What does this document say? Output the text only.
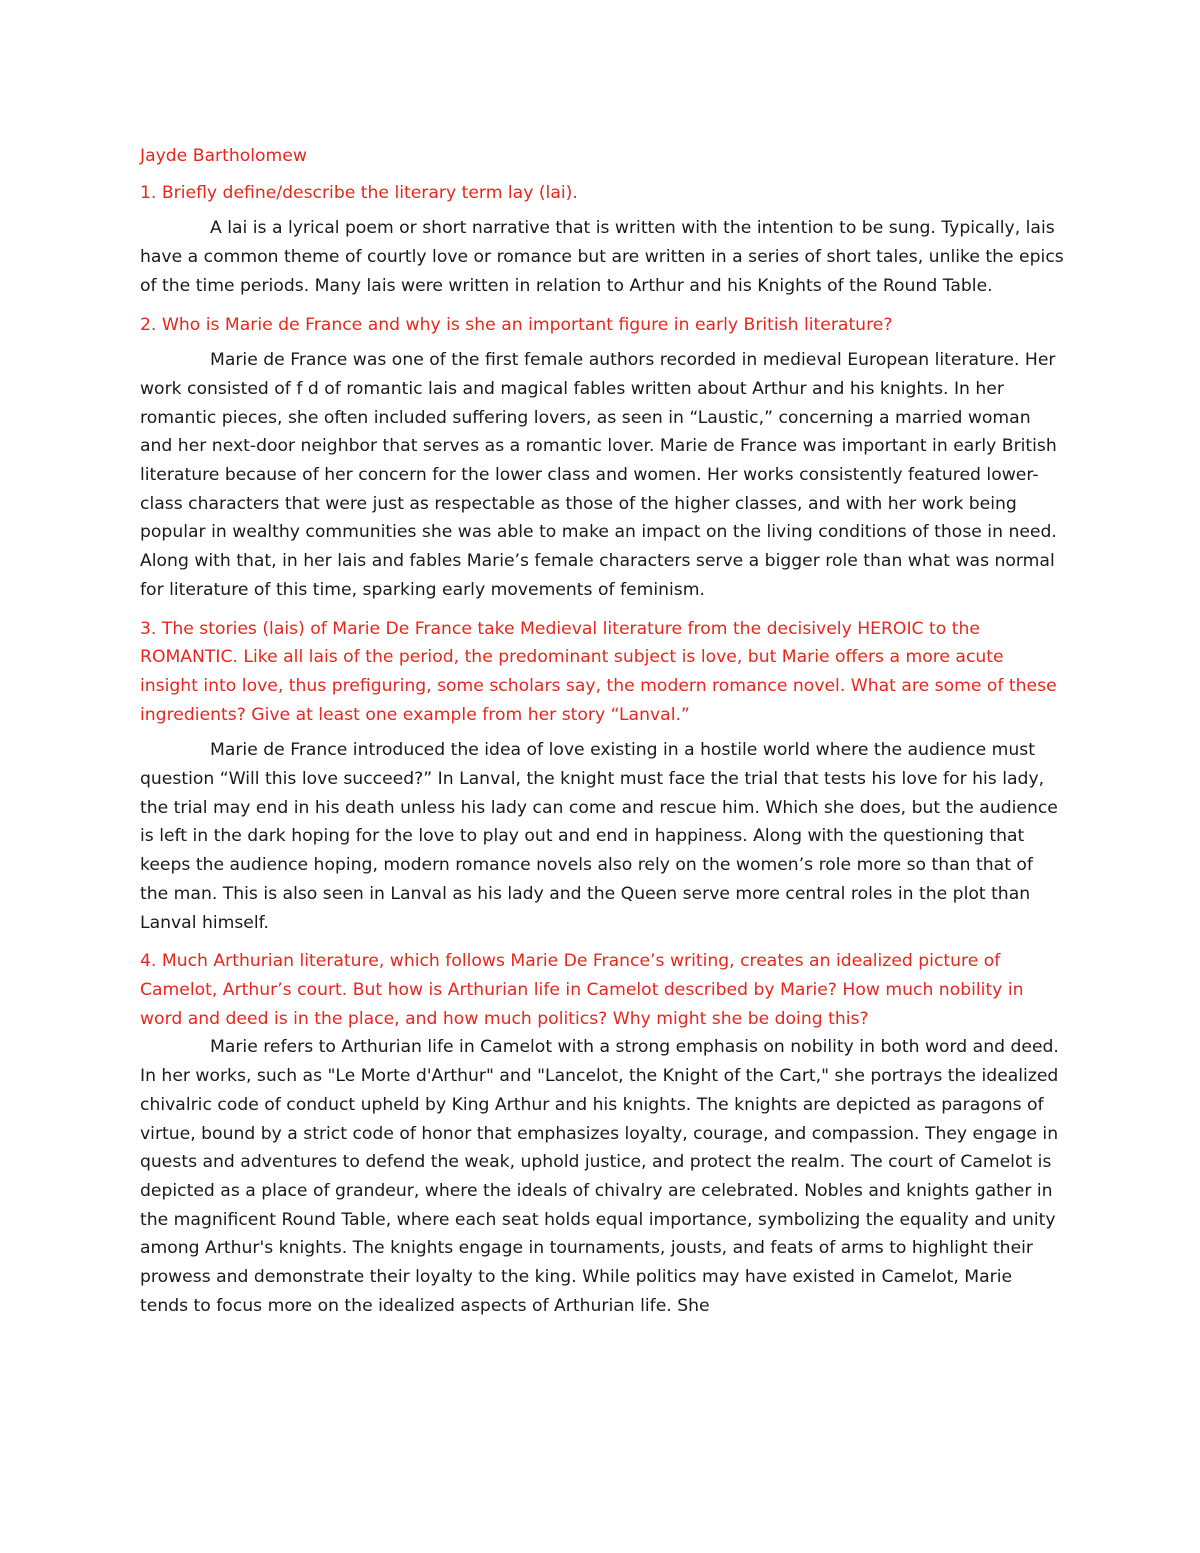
Jayde Bartholomew

1. Briefly define/describe the literary term lay (lai).

A lai is a lyrical poem or short narrative that is written with the intention to be sung. Typically, lais have a common theme of courtly love or romance but are written in a series of short tales, unlike the epics of the time periods. Many lais were written in relation to Arthur and his Knights of the Round Table.

2. Who is Marie de France and why is she an important figure in early British literature?

Marie de France was one of the first female authors recorded in medieval European literature. Her work consisted of f d of romantic lais and magical fables written about Arthur and his knights. In her romantic pieces, she often included suffering lovers, as seen in “Laustic,” concerning a married woman and her next-door neighbor that serves as a romantic lover. Marie de France was important in early British literature because of her concern for the lower class and women. Her works consistently featured lower-class characters that were just as respectable as those of the higher classes, and with her work being popular in wealthy communities she was able to make an impact on the living conditions of those in need. Along with that, in her lais and fables Marie’s female characters serve a bigger role than what was normal for literature of this time, sparking early movements of feminism.

3. The stories (lais) of Marie De France take Medieval literature from the decisively HEROIC to the ROMANTIC. Like all lais of the period, the predominant subject is love, but Marie offers a more acute insight into love, thus prefiguring, some scholars say, the modern romance novel. What are some of these ingredients? Give at least one example from her story “Lanval.”

Marie de France introduced the idea of love existing in a hostile world where the audience must question “Will this love succeed?” In Lanval, the knight must face the trial that tests his love for his lady, the trial may end in his death unless his lady can come and rescue him. Which she does, but the audience is left in the dark hoping for the love to play out and end in happiness. Along with the questioning that keeps the audience hoping, modern romance novels also rely on the women’s role more so than that of the man. This is also seen in Lanval as his lady and the Queen serve more central roles in the plot than Lanval himself.

4. Much Arthurian literature, which follows Marie De France’s writing, creates an idealized picture of Camelot, Arthur’s court. But how is Arthurian life in Camelot described by Marie? How much nobility in word and deed is in the place, and how much politics? Why might she be doing this?

Marie refers to Arthurian life in Camelot with a strong emphasis on nobility in both word and deed. In her works, such as "Le Morte d'Arthur" and "Lancelot, the Knight of the Cart," she portrays the idealized chivalric code of conduct upheld by King Arthur and his knights. The knights are depicted as paragons of virtue, bound by a strict code of honor that emphasizes loyalty, courage, and compassion. They engage in quests and adventures to defend the weak, uphold justice, and protect the realm. The court of Camelot is depicted as a place of grandeur, where the ideals of chivalry are celebrated. Nobles and knights gather in the magnificent Round Table, where each seat holds equal importance, symbolizing the equality and unity among Arthur's knights. The knights engage in tournaments, jousts, and feats of arms to highlight their prowess and demonstrate their loyalty to the king. While politics may have existed in Camelot, Marie tends to focus more on the idealized aspects of Arthurian life. She
